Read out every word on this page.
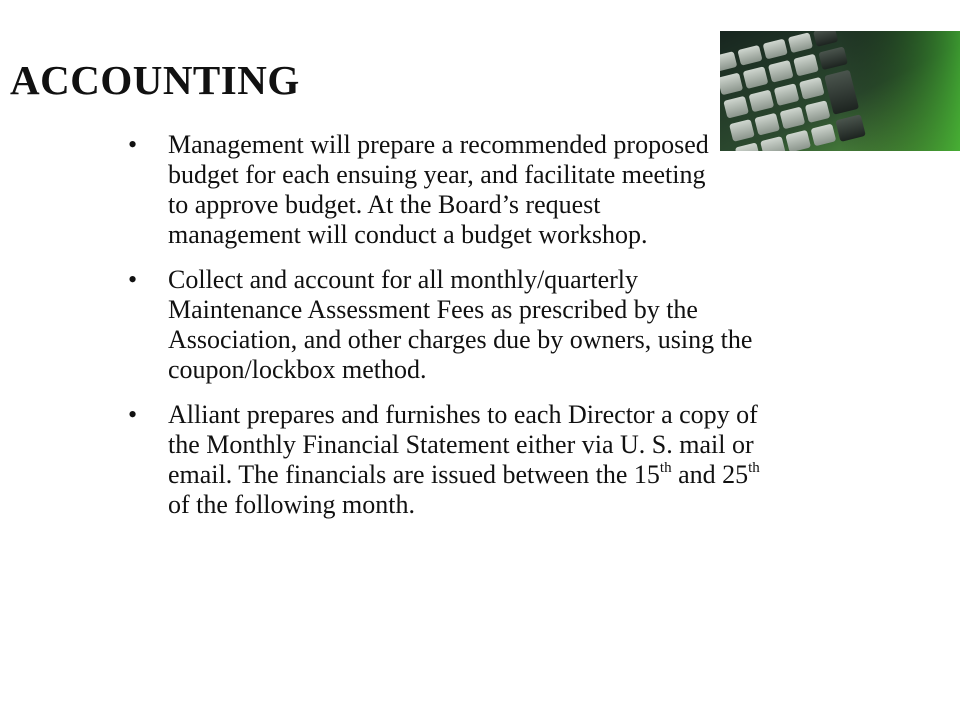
ACCOUNTING
• Management will prepare a recommended proposed budget for each ensuing year, and facilitate meeting to approve budget. At the Board’s request management will conduct a budget workshop.
• Collect and account for all monthly/quarterly Maintenance Assessment Fees as prescribed by the Association, and other charges due by owners, using the coupon/lockbox method.
• Alliant prepares and furnishes to each Director a copy of the Monthly Financial Statement either via U. S. mail or email. The financials are issued between the 15th and 25th of the following month.
